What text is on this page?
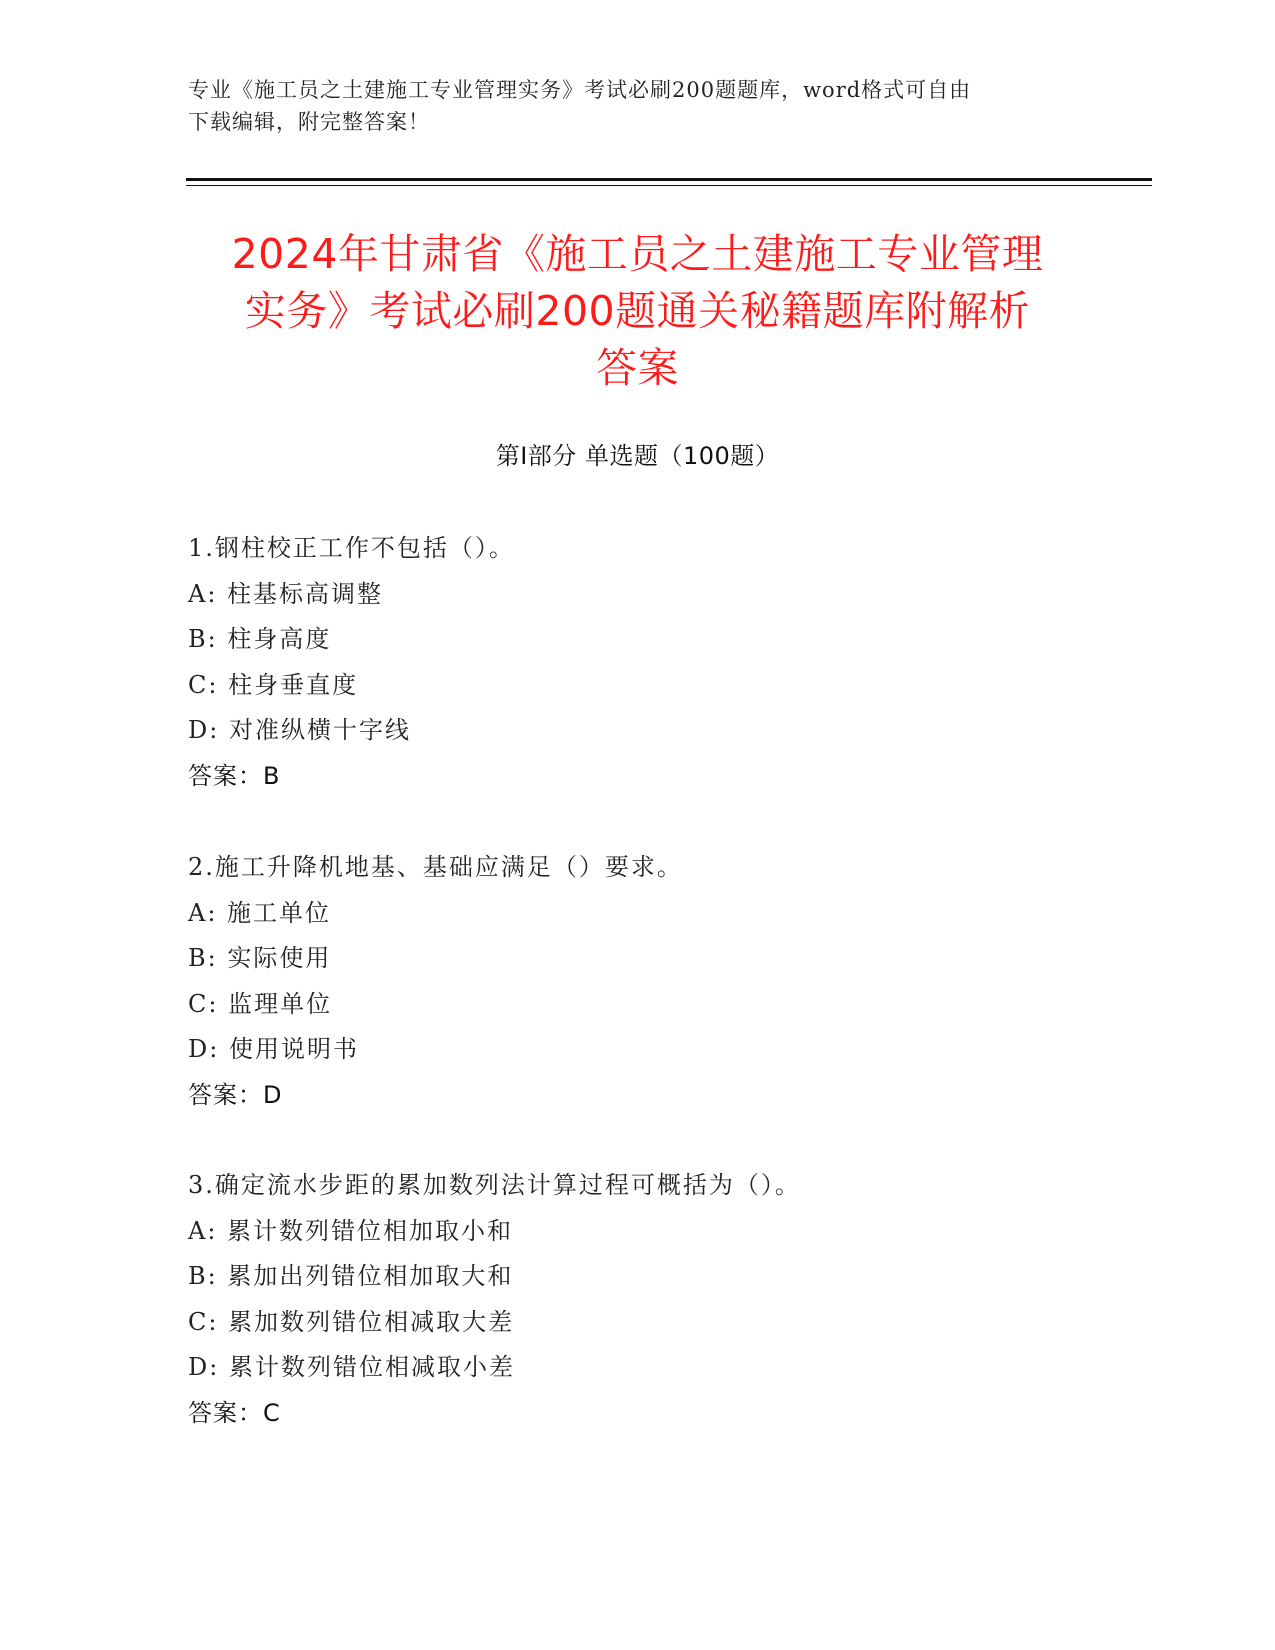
专业《施工员之土建施工专业管理实务》考试必刷200题题库，word格式可自由
下载编辑，附完整答案！
2024年甘肃省《施工员之土建施工专业管理
实务》考试必刷200题通关秘籍题库附解析
答案
第Ⅰ部分 单选题（100题）
1.钢柱校正工作不包括（）。
A: 柱基标高调整
B: 柱身高度
C: 柱身垂直度
D: 对准纵横十字线
答案：B
2.施工升降机地基、基础应满足（）要求。
A: 施工单位
B: 实际使用
C: 监理单位
D: 使用说明书
答案：D
3.确定流水步距的累加数列法计算过程可概括为（）。
A: 累计数列错位相加取小和
B: 累加出列错位相加取大和
C: 累加数列错位相减取大差
D: 累计数列错位相减取小差
答案：C
